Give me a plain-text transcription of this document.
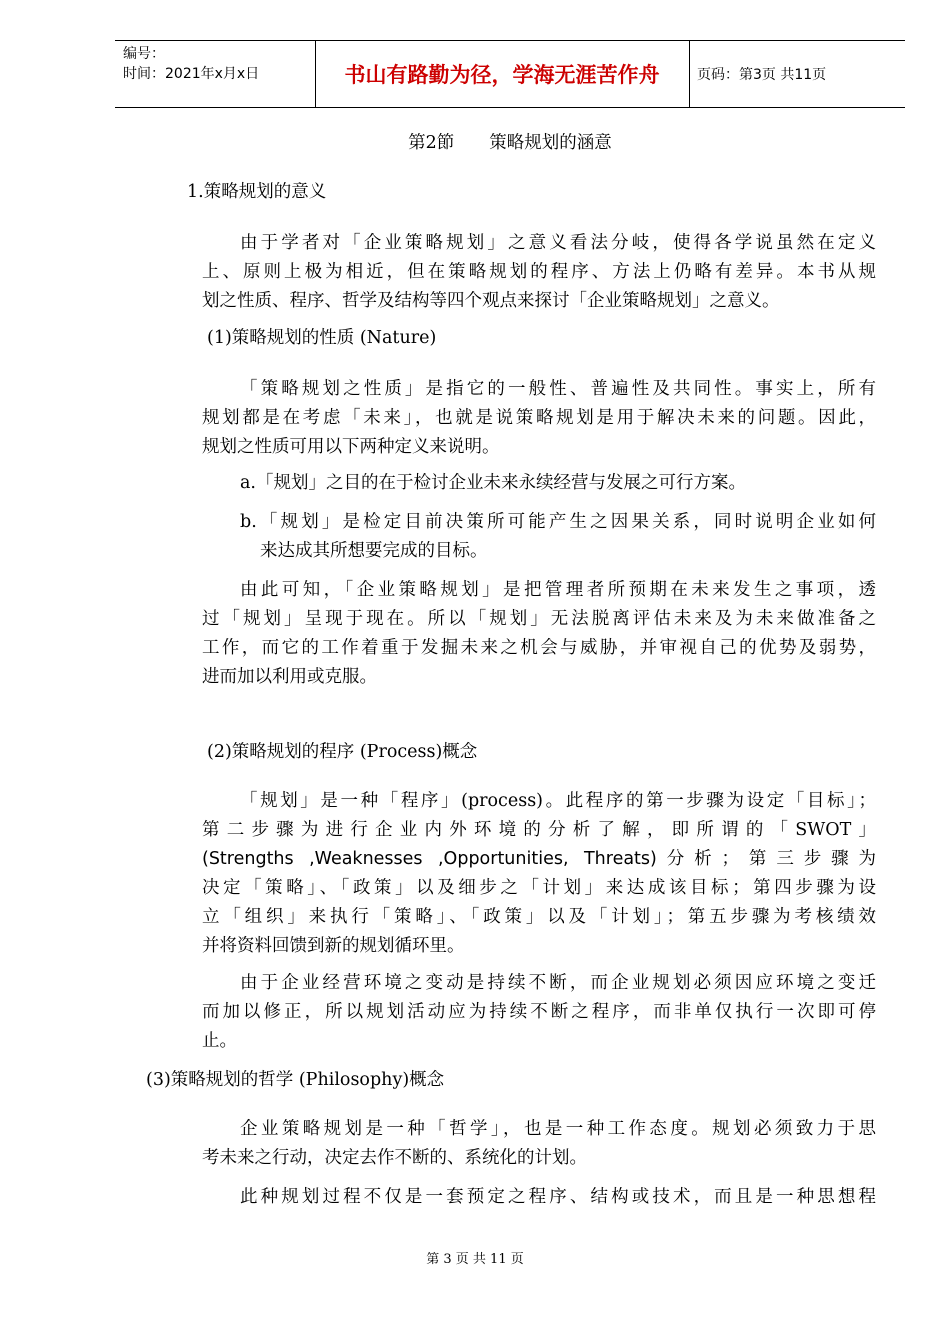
编号：
时间：2021年x月x日	书山有路勤为径，学海无涯苦作舟	页码：第3页 共11页
第2節　　策略规划的涵意
1.策略规划的意义
由于学者对「企业策略规划」之意义看法分岐，使得各学说虽然在定义
上、原则上极为相近，但在策略规划的程序、方法上仍略有差异。本书从规
划之性质、程序、哲学及结构等四个观点来探讨「企业策略规划」之意义。
(1)策略规划的性质 (Nature)
「策略规划之性质」是指它的一般性、普遍性及共同性。事实上，所有
规划都是在考虑「未来」，也就是说策略规划是用于解决未来的问题。因此，
规划之性质可用以下两种定义来说明。
a.「规划」之目的在于检讨企业未来永续经营与发展之可行方案。
b.「规划」是检定目前决策所可能产生之因果关系，同时说明企业如何
来达成其所想要完成的目标。
由此可知，「企业策略规划」是把管理者所预期在未来发生之事项，透
过「规划」呈现于现在。所以「规划」无法脱离评估未来及为未来做准备之
工作，而它的工作着重于发掘未来之机会与威胁，并审视自己的优势及弱势，
进而加以利用或克服。
(2)策略规划的程序 (Process)概念
「规划」是一种「程序」(process)。此程序的第一步骤为设定「目标」；
第二步骤为进行企业内外环境的分析了解，即所谓的「SWOT」
(Strengths ,Weaknesses ,Opportunities, Threats)分析；第三步骤为
决定「策略」、「政策」以及细步之「计划」来达成该目标；第四步骤为设
立「组织」来执行「策略」、「政策」以及「计划」；第五步骤为考核绩效
并将资料回馈到新的规划循环里。
由于企业经营环境之变动是持续不断，而企业规划必须因应环境之变迁
而加以修正，所以规划活动应为持续不断之程序，而非单仅执行一次即可停
止。
(3)策略规划的哲学 (Philosophy)概念
企业策略规划是一种「哲学」，也是一种工作态度。规划必须致力于思
考未来之行动，决定去作不断的、系统化的计划。
此种规划过程不仅是一套预定之程序、结构或技术，而且是一种思想程
第 3 页 共 11 页
